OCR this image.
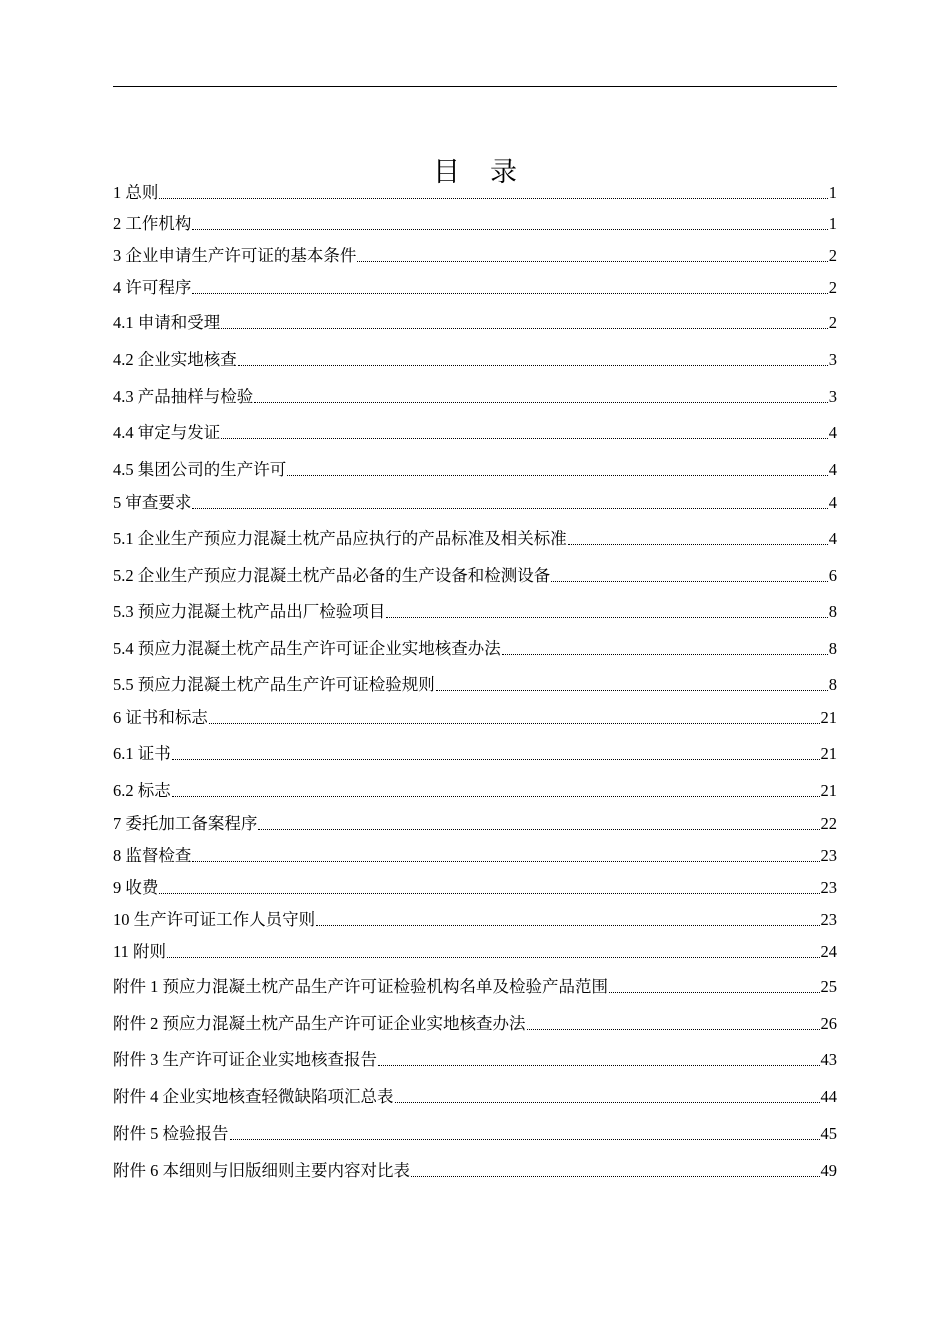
目 录
1 总则	1
2 工作机构	1
3 企业申请生产许可证的基本条件	2
4 许可程序	2
4.1 申请和受理	2
4.2 企业实地核查	3
4.3 产品抽样与检验	3
4.4 审定与发证	4
4.5 集团公司的生产许可	4
5 审查要求	4
5.1 企业生产预应力混凝土枕产品应执行的产品标准及相关标准	4
5.2 企业生产预应力混凝土枕产品必备的生产设备和检测设备	6
5.3 预应力混凝土枕产品出厂检验项目	8
5.4 预应力混凝土枕产品生产许可证企业实地核查办法	8
5.5 预应力混凝土枕产品生产许可证检验规则	8
6 证书和标志	21
6.1 证书	21
6.2 标志	21
7 委托加工备案程序	22
8 监督检查	23
9 收费	23
10 生产许可证工作人员守则	23
11 附则	24
附件 1 预应力混凝土枕产品生产许可证检验机构名单及检验产品范围	25
附件 2 预应力混凝土枕产品生产许可证企业实地核查办法	26
附件 3 生产许可证企业实地核查报告	43
附件 4 企业实地核查轻微缺陷项汇总表	44
附件 5 检验报告	45
附件 6 本细则与旧版细则主要内容对比表	49
